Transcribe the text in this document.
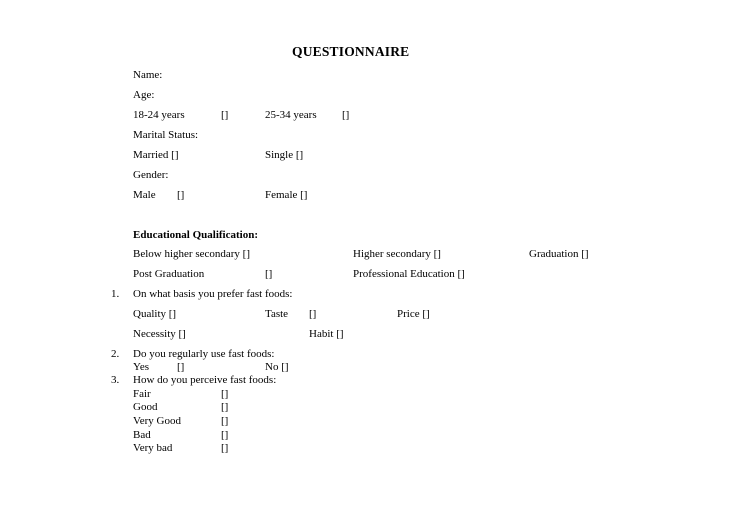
QUESTIONNAIRE
Name:
Age:
18-24 years	[]	25-34 years []
Marital Status:
Married []	Single []
Gender:
Male []	Female []
Educational Qualification:
Below higher secondary []	Higher secondary []	Graduation []
Post Graduation	[]	Professional Education []
1. On what basis you prefer fast foods:
Quality []	Taste []	Price []
Necessity []	Habit []
2. Do you regularly use fast foods:
Yes	[]	No []
3. How do you perceive fast foods:
Fair	[]
Good	[]
Very Good	[]
Bad	[]
Very bad	[]
